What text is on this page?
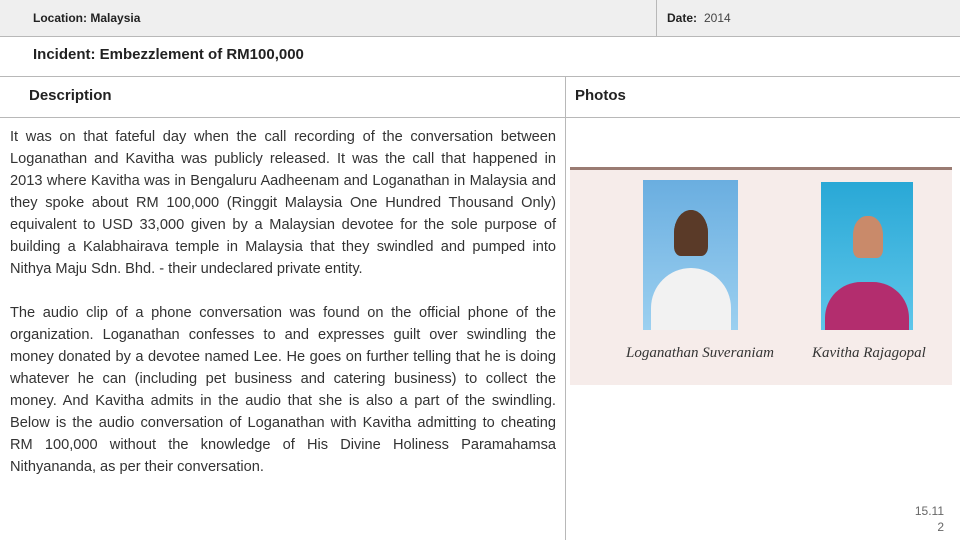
Location: Malaysia	Date: 2014
Incident: Embezzlement of RM100,000
Description	Photos

It was on that fateful day when the call recording of the conversation between Loganathan and Kavitha was publicly released. It was the call that happened in 2013 where Kavitha was in Bengaluru Aadheenam and Loganathan in Malaysia and they spoke about RM 100,000 (Ringgit Malaysia One Hundred Thousand Only) equivalent to USD 33,000 given by a Malaysian devotee for the sole purpose of building a Kalabhairava temple in Malaysia that they swindled and pumped into Nithya Maju Sdn. Bhd. - their undeclared private entity.

The audio clip of a phone conversation was found on the official phone of the organization. Loganathan confesses to and expresses guilt over swindling the money donated by a devotee named Lee. He goes on further telling that he is doing whatever he can (including pet business and catering business) to collect the money. And Kavitha admits in the audio that she is also a part of the swindling. Below is the audio conversation of Loganathan with Kavitha admitting to cheating RM 100,000 without the knowledge of His Divine Holiness Paramahamsa Nithyananda, as per their conversation.

Loganathan Suveraniam	Kavitha Rajagopal
15.11
2
